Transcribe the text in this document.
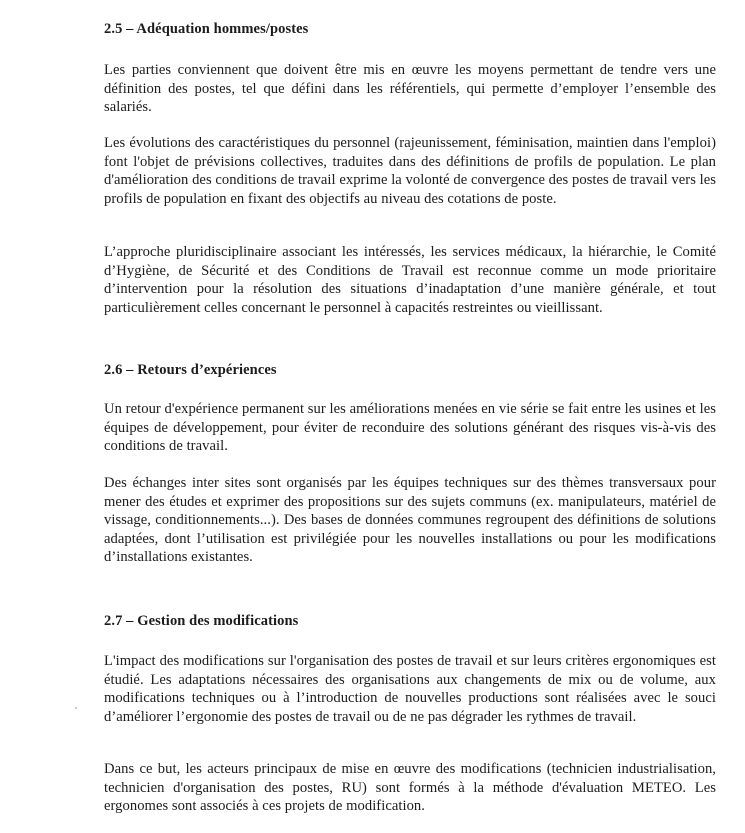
2.5 – Adéquation hommes/postes

Les parties conviennent que doivent être mis en œuvre les moyens permettant de tendre vers une définition des postes, tel que défini dans les référentiels, qui permette d’employer l’ensemble des salariés.

Les évolutions des caractéristiques du personnel (rajeunissement, féminisation, maintien dans l'emploi) font l'objet de prévisions collectives, traduites dans des définitions de profils de population. Le plan d'amélioration des conditions de travail exprime la volonté de convergence des postes de travail vers les profils de population en fixant des objectifs au niveau des cotations de poste.

L’approche pluridisciplinaire associant les intéressés, les services médicaux, la hiérarchie, le Comité d’Hygiène, de Sécurité et des Conditions de Travail est reconnue comme un mode prioritaire d’intervention pour la résolution des situations d’inadaptation d’une manière générale, et tout particulièrement celles concernant le personnel à capacités restreintes ou vieillissant.

2.6 – Retours d’expériences

Un retour d'expérience permanent sur les améliorations menées en vie série se fait entre les usines et les équipes de développement, pour éviter de reconduire des solutions générant des risques vis-à-vis des conditions de travail.

Des échanges inter sites sont organisés par les équipes techniques sur des thèmes transversaux pour mener des études et exprimer des propositions sur des sujets communs (ex. manipulateurs, matériel de vissage, conditionnements...). Des bases de données communes regroupent des définitions de solutions adaptées, dont l’utilisation est privilégiée pour les nouvelles installations ou pour les modifications d’installations existantes.

2.7 – Gestion des modifications

L'impact des modifications sur l'organisation des postes de travail et sur leurs critères ergonomiques est étudié. Les adaptations nécessaires des organisations aux changements de mix ou de volume, aux modifications techniques ou à l’introduction de nouvelles productions sont réalisées avec le souci d’améliorer l’ergonomie des postes de travail ou de ne pas dégrader les rythmes de travail.

Dans ce but, les acteurs principaux de mise en œuvre des modifications (technicien industrialisation, technicien d'organisation des postes, RU) sont formés à la méthode d'évaluation METEO. Les ergonomes sont associés à ces projets de modification.
